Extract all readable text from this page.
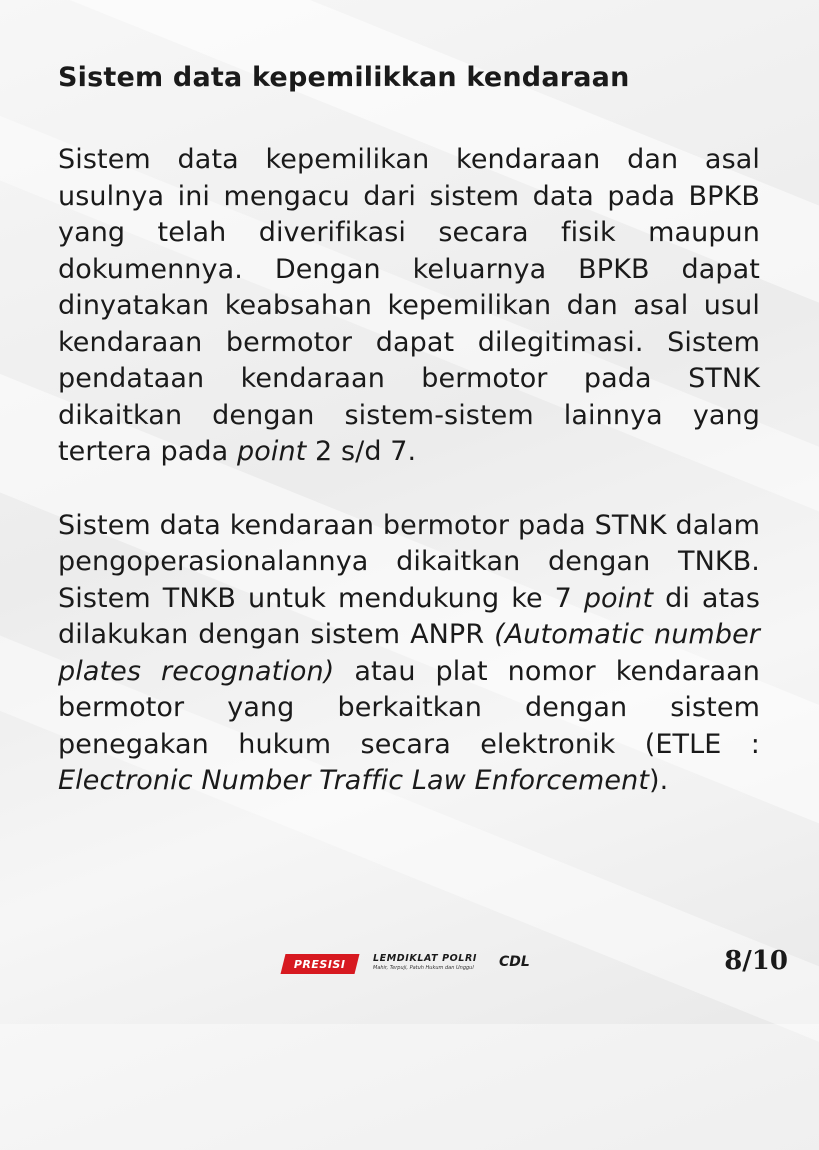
Sistem data kepemilikkan kendaraan

Sistem data kepemilikan kendaraan dan asal usulnya ini mengacu dari sistem data pada BPKB yang telah diverifikasi secara fisik maupun dokumennya. Dengan keluarnya BPKB dapat dinyatakan keabsahan kepemilikan dan asal usul kendaraan bermotor dapat dilegitimasi. Sistem pendataan kendaraan bermotor pada STNK dikaitkan dengan sistem-sistem lainnya yang tertera pada point 2 s/d 7.

Sistem data kendaraan bermotor pada STNK dalam pengoperasionalannya dikaitkan dengan TNKB. Sistem TNKB untuk mendukung ke 7 point di atas dilakukan dengan sistem ANPR (Automatic number plates recognation) atau plat nomor kendaraan bermotor yang berkaitkan dengan sistem penegakan hukum secara elektronik (ETLE : Electronic Number Traffic Law Enforcement).

PRESISI	LEMDIKLAT POLRI
Mahir, Terpuji, Patuh Hukum dan Unggul	CDL	8/10
